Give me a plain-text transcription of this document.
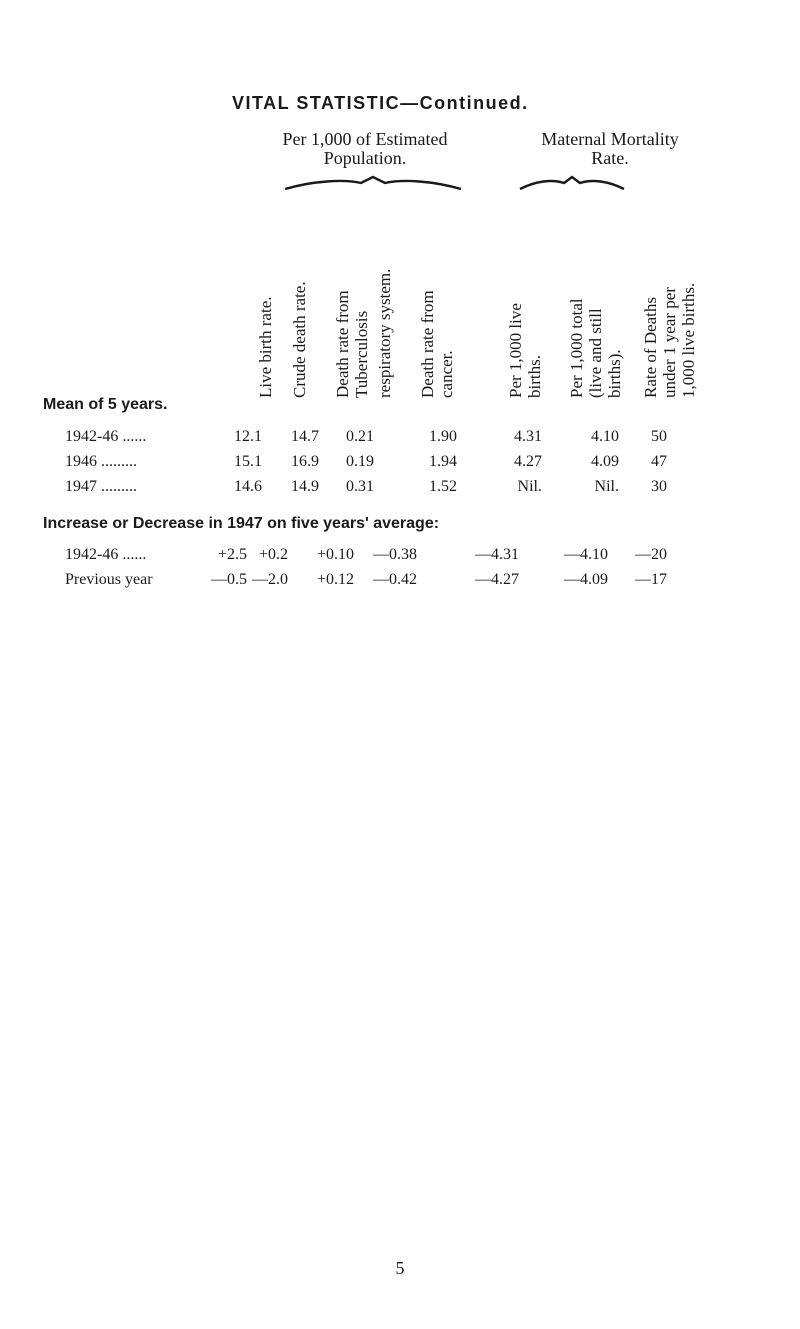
VITAL STATISTIC—Continued.
Per 1,000 of Estimated
Population.
Maternal Mortality
Rate.
Live birth rate. Crude death rate. Death rate from Tuberculosis respiratory system. Death rate from cancer.	Per 1,000 live births. Per 1,000 total (live and still births). Rate of Deaths under 1 year per 1,000 live births.
Mean of 5 years.
1942-46 ......	12.1	14.7	0.21	1.90	4.31	4.10	50
1946 .........	15.1	16.9	0.19	1.94	4.27	4.09	47
1947 .........	14.6	14.9	0.31	1.52	Nil.	Nil.	30
Increase or Decrease in 1947 on five years' average:
1942-46 ......	+2.5 +0.2	+0.10	—0.38	—4.31	—4.10	—20
Previous year	—0.5 —2.0	+0.12	—0.42	—4.27	—4.09	—17
5
